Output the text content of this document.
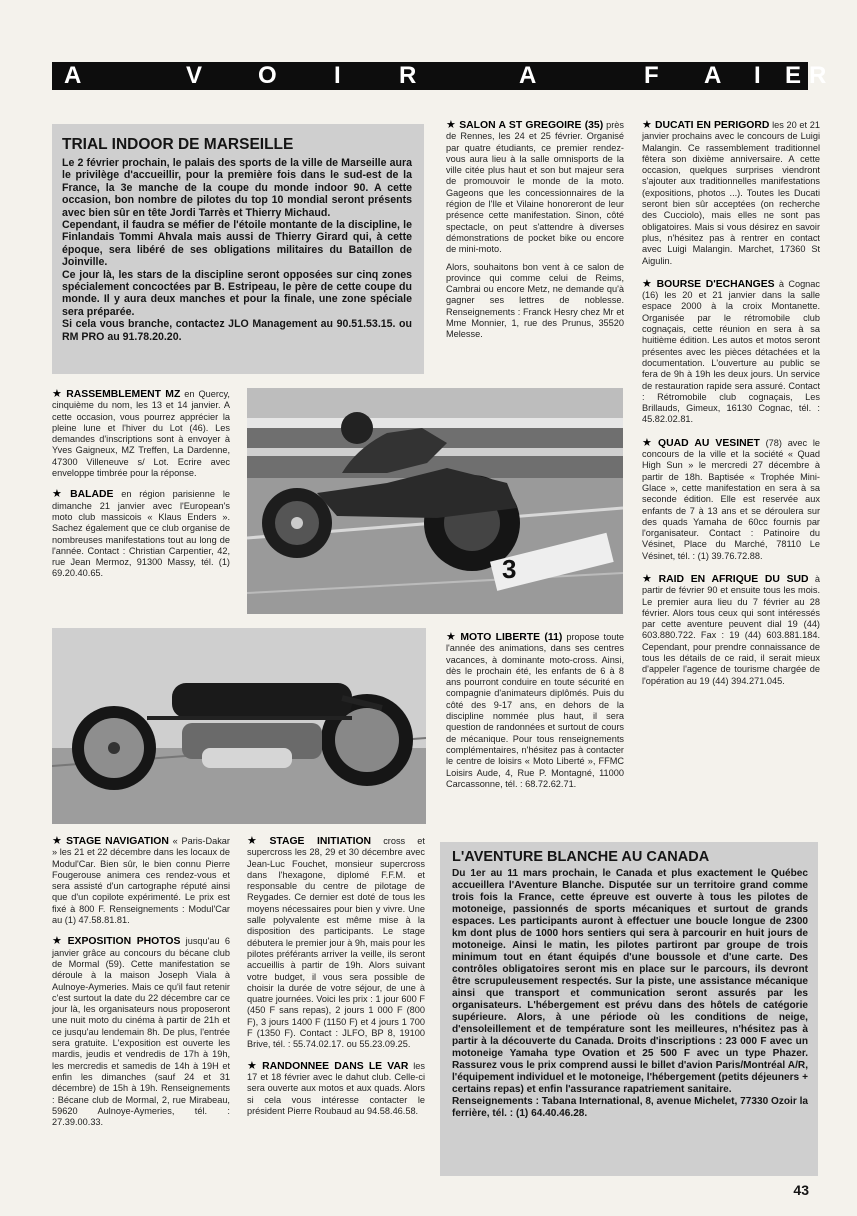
A	V O I R	A	F A I R
E
TRIAL INDOOR DE MARSEILLE

Le 2 février prochain, le palais des sports de la ville de Marseille aura le privilège d'accueillir, pour la première fois dans le sud-est de la France, la 3e manche de la coupe du monde indoor 90. A cette occasion, bon nombre de pilotes du top 10 mondial seront présents avec bien sûr en tête Jordi Tarrès et Thierry Michaud.

Cependant, il faudra se méfier de l'étoile montante de la discipline, le Finlandais Tommi Ahvala mais aussi de Thierry Girard qui, à cette époque, sera libéré de ses obligations militaires du Bataillon de Joinville.

Ce jour là, les stars de la discipline seront opposées sur cinq zones spécialement concoctées par B. Estripeau, le père de cette coupe du monde. Il y aura deux manches et pour la finale, une zone spéciale sera préparée.

Si cela vous branche, contactez JLO Management au 90.51.53.15. ou RM PRO au 91.78.20.20.

★ SALON A ST GREGOIRE (35) près de Rennes, les 24 et 25 février. Organisé par quatre étudiants, ce premier rendez-vous aura lieu à la salle omnisports de la ville citée plus haut et son but majeur sera de promouvoir le monde de la moto. Gageons que les concessionnaires de la région de l'Ile et Vilaine honoreront de leur présence cette manifestation. Sinon, côté spectacle, on peut s'attendre à diverses démonstrations de pocket bike ou encore de mini-moto.

Alors, souhaitons bon vent à ce salon de province qui comme celui de Reims, Cambrai ou encore Metz, ne demande qu'à gagner ses lettres de noblesse. Renseignements : Franck Hesry chez Mr et Mme Monnier, 1, rue des Prunus, 35520 Melesse.

★ DUCATI EN PERIGORD les 20 et 21 janvier prochains avec le concours de Luigi Malangin. Ce rassemblement traditionnel fêtera son dixième anniversaire. A cette occasion, quelques surprises viendront s'ajouter aux traditionnelles manifestations (expositions, photos ...). Toutes les Ducati seront bien sûr acceptées (on recherche des Cucciolo), mais elles ne sont pas obligatoires. Mais si vous désirez en savoir plus, n'hésitez pas à rentrer en contact avec Luigi Malangin. Marchet, 17360 St Aigulin.

★ BOURSE D'ECHANGES à Cognac (16) les 20 et 21 janvier dans la salle espace 2000 à la croix Montanette. Organisée par le rétromobile club cognaçais, cette réunion en sera à sa huitième édition. Les autos et motos seront présentes avec les pièces détachées et la documentation. L'ouverture au public se fera de 9h à 19h les deux jours. Un service de restauration rapide sera assuré. Contact : Rétromobile club cognaçais, Les Brillauds, Gimeux, 16130 Cognac, tél. : 45.82.02.81.

★ QUAD AU VESINET (78) avec le concours de la ville et la société « Quad High Sun » le mercredi 27 décembre à partir de 18h. Baptisée « Trophée Mini-Glace », cette manifestation en sera à sa seconde édition. Elle est reservée aux enfants de 7 à 13 ans et se déroulera sur des quads Yamaha de 60cc fournis par l'organisateur. Contact : Patinoire du Vésinet, Place du Marché, 78110 Le Vésinet, tél. : (1) 39.76.72.88.

★ RAID EN AFRIQUE DU SUD à partir de février 90 et ensuite tous les mois. Le premier aura lieu du 7 février au 28 février. Alors tous ceux qui sont intéressés par cette aventure peuvent dial 19 (44) 603.880.722. Fax : 19 (44) 603.881.184. Cependant, pour prendre connaissance de tous les détails de ce raid, il serait mieux d'appeler l'agence de tourisme chargée de l'opération au 19 (44) 394.271.045.

★ RASSEMBLEMENT MZ en Quercy, cinquième du nom, les 13 et 14 janvier. A cette occasion, vous pourrez apprécier la pleine lune et l'hiver du Lot (46). Les demandes d'inscriptions sont à envoyer à Yves Gaigneux, MZ Treffen, La Dardenne, 47300 Villeneuve s/ Lot. Ecrire avec enveloppe timbrée pour la réponse.

★ BALADE en région parisienne le dimanche 21 janvier avec l'European's moto club massicois « Klaus Enders ». Sachez également que ce club organise de nombreuses manifestations tout au long de l'année. Contact : Christian Carpentier, 42, rue Jean Mermoz, 91300 Massy, tél. (1) 69.20.40.65.	3

★ MOTO LIBERTE (11) propose toute l'année des animations, dans ses centres vacances, à dominante moto-cross. Ainsi, dès le prochain été, les enfants de 6 à 8 ans pourront conduire en toute sécurité en compagnie d'animateurs diplômés. Puis du côté des 9-17 ans, en dehors de la discipline nommée plus haut, il sera question de randonnées et surtout de cours de mécanique. Pour tous renseignements complémentaires, n'hésitez pas à contacter le centre de loisirs « Moto Liberté », FFMC Loisirs Aude, 4, Rue P. Montagné, 11000 Carcassonne, tél. : 68.72.62.71.

★ STAGE NAVIGATION « Paris-Dakar » les 21 et 22 décembre dans les locaux de Modul'Car. Bien sûr, le bien connu Pierre Fougerouse animera ces rendez-vous et sera assisté d'un cartographe réputé ainsi que d'un copilote expérimenté. Le prix est fixé à 800 F. Renseignements : Modul'Car au (1) 47.58.81.81.

★ EXPOSITION PHOTOS jusqu'au 6 janvier grâce au concours du bécane club de Mormal (59). Cette manifestation se déroule à la maison Joseph Viala à Aulnoye-Aymeries. Mais ce qu'il faut retenir c'est surtout la date du 22 décembre car ce jour là, les organisateurs nous proposeront une nuit moto du cinéma à partir de 21h et ce jusqu'au lendemain 8h. De plus, l'entrée sera gratuite. L'exposition est ouverte les mardis, jeudis et vendredis de 17h à 19h, les mercredis et samedis de 14h à 19H et enfin les dimanches (sauf 24 et 31 décembre) de 15h à 19h. Renseignements : Bécane club de Mormal, 2, rue Mirabeau, 59620 Aulnoye-Aymeries, tél. : 27.39.00.33.

★ STAGE INITIATION cross et supercross les 28, 29 et 30 décembre avec Jean-Luc Fouchet, monsieur supercross dans l'hexagone, diplomé F.F.M. et responsable du centre de pilotage de Reygades. Ce dernier est doté de tous les moyens nécessaires pour bien y vivre. Une salle polyvalente est même mise à la disposition des participants. Le stage débutera le premier jour à 9h, mais pour les pilotes préférants arriver la veille, ils seront accueillis à partir de 19h. Alors suivant votre budget, il vous sera possible de choisir la durée de votre séjour, de une à quatre journées. Voici les prix : 1 jour 600 F (450 F sans repas), 2 jours 1 000 F (800 F), 3 jours 1400 F (1150 F) et 4 jours 1 700 F (1350 F). Contact : JLFO, BP 8, 19100 Brive, tél. : 55.74.02.17. ou 55.23.09.25.

★ RANDONNEE DANS LE VAR les 17 et 18 février avec le dahut club. Celle-ci sera ouverte aux motos et aux quads. Alors si cela vous intéresse contacter le président Pierre Roubaud au 94.58.46.58.

L'AVENTURE BLANCHE AU CANADA

Du 1er au 11 mars prochain, le Canada et plus exactement le Québec accueillera l'Aventure Blanche. Disputée sur un territoire grand comme trois fois la France, cette épreuve est ouverte à tous les pilotes de motoneige, passionnés de sports mécaniques et surtout de grands espaces. Les participants auront à effectuer une boucle longue de 2300 km dont plus de 1000 hors sentiers qui sera à parcourir en huit jours de motoneige. Ainsi le matin, les pilotes partiront par groupe de trois minimum tout en étant équipés d'une boussole et d'une carte. Des contrôles obligatoires seront mis en place sur le parcours, ils devront être scrupuleusement respectés. Sur la piste, une assistance mécanique ainsi que transport et communication seront assurés par les organisateurs. L'hébergement est prévu dans des hôtels de catégorie supérieure. Alors, à une période où les conditions de neige, d'ensoleillement et de température sont les meilleures, n'hésitez pas à partir à la découverte du Canada. Droits d'inscriptions : 23 000 F avec un motoneige Yamaha type Ovation et 25 500 F avec un type Phazer. Rassurez vous le prix comprend aussi le billet d'avion Paris/Montréal A/R, l'équipement individuel et le motoneige, l'hébergement (petits déjeuners + certains repas) et enfin l'assurance rapatriement sanitaire.

Renseignements : Tabana International, 8, avenue Michelet, 77330 Ozoir la ferrière, tél. : (1) 64.40.46.28.

43
